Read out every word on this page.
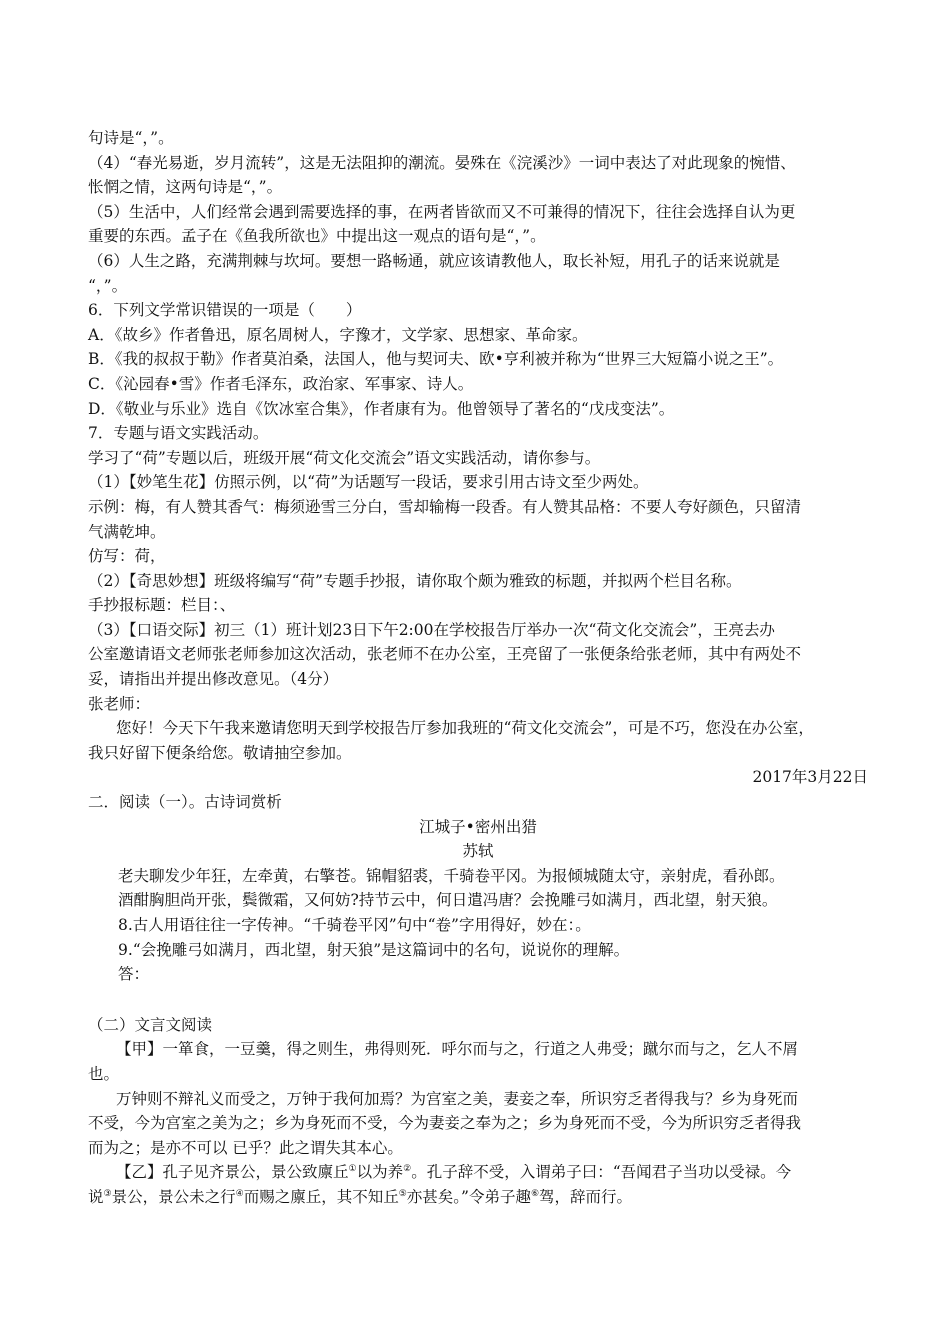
句诗是“，”。
（4）“春光易逝，岁月流转”，这是无法阻抑的潮流。晏殊在《浣溪沙》一词中表达了对此现象的惋惜、
怅惘之情，这两句诗是“，”。
（5）生活中，人们经常会遇到需要选择的事，在两者皆欲而又不可兼得的情况下，往往会选择自认为更
重要的东西。孟子在《鱼我所欲也》中提出这一观点的语句是“，”。
（6）人生之路，充满荆棘与坎坷。要想一路畅通，就应该请教他人，取长补短，用孔子的话来说就是
“，”。
6．下列文学常识错误的一项是（　　）
A．《故乡》作者鲁迅，原名周树人，字豫才，文学家、思想家、革命家。
B．《我的叔叔于勒》作者莫泊桑，法国人，他与契诃夫、欧•亨利被并称为“世界三大短篇小说之王”。
C．《沁园春•雪》作者毛泽东，政治家、军事家、诗人。
D．《敬业与乐业》选自《饮冰室合集》，作者康有为。他曾领导了著名的“戊戌变法”。
7．专题与语文实践活动。
学习了“荷”专题以后，班级开展“荷文化交流会”语文实践活动，请你参与。
（1）【妙笔生花】仿照示例，以“荷”为话题写一段话，要求引用古诗文至少两处。
示例：梅，有人赞其香气：梅须逊雪三分白，雪却输梅一段香。有人赞其品格：不要人夸好颜色，只留清
气满乾坤。
仿写：荷，
（2）【奇思妙想】班级将编写“荷”专题手抄报，请你取个颇为雅致的标题，并拟两个栏目名称。
手抄报标题：栏目：、
（3）【口语交际】初三（1）班计划23日下午2:00在学校报告厅举办一次“荷文化交流会”，王亮去办
公室邀请语文老师张老师参加这次活动，张老师不在办公室，王亮留了一张便条给张老师，其中有两处不
妥，请指出并提出修改意见。（4分）
张老师：
您好！今天下午我来邀请您明天到学校报告厅参加我班的“荷文化交流会”，可是不巧，您没在办公室，
我只好留下便条给您。敬请抽空参加。
2017年3月22日
二．阅读（一）。古诗词赏析
江城子•密州出猎
苏轼
老夫聊发少年狂，左牵黄，右擎苍。锦帽貂裘，千骑卷平冈。为报倾城随太守，亲射虎，看孙郎。
酒酣胸胆尚开张，鬓微霜，又何妨?持节云中，何日遣冯唐？会挽雕弓如满月，西北望，射天狼。
8.古人用语往往一字传神。“千骑卷平冈”句中“卷”字用得好，妙在：。
9.“会挽雕弓如满月，西北望，射天狼”是这篇词中的名句，说说你的理解。
答：
（二）文言文阅读
【甲】一箪食，一豆羹，得之则生，弗得则死．呼尔而与之，行道之人弗受；蹴尔而与之，乞人不屑
也。
万钟则不辩礼义而受之，万钟于我何加焉？为宫室之美，妻妾之奉，所识穷乏者得我与？乡为身死而
不受，今为宫室之美为之；乡为身死而不受，今为妻妾之奉为之；乡为身死而不受，今为所识穷乏者得我
而为之；是亦不可以 已乎？此之谓失其本心。
【乙】孔子见齐景公，景公致廪丘①以为养②。孔子辞不受，入谓弟子曰：“吾闻君子当功以受禄。今
说③景公，景公未之行④而赐之廪丘，其不知丘⑤亦甚矣。”令弟子趣⑥驾，辞而行。
